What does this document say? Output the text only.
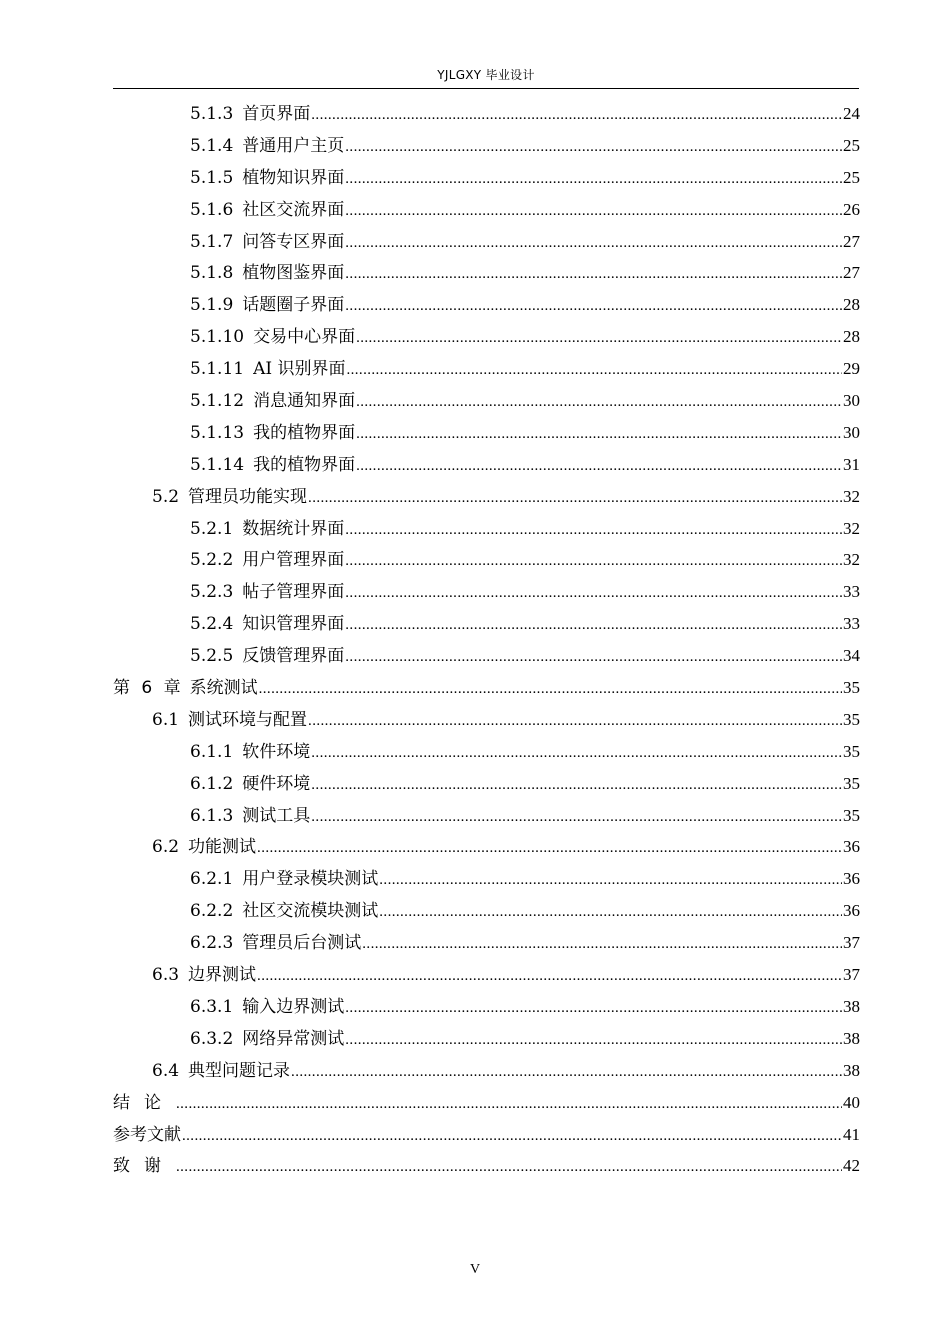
YJLGXY 毕业设计
5.1.3 首页界面 .....	24
5.1.4 普通用户主页 .....	25
5.1.5 植物知识界面 .....	25
5.1.6 社区交流界面 .....	26
5.1.7 问答专区界面 .....	27
5.1.8 植物图鉴界面 .....	27
5.1.9 话题圈子界面 .....	28
5.1.10 交易中心界面 .....	28
5.1.11 AI 识别界面 .....	29
5.1.12 消息通知界面 .....	30
5.1.13 我的植物界面 .....	30
5.1.14 我的植物界面 .....	31
5.2 管理员功能实现 .....	32
5.2.1 数据统计界面 .....	32
5.2.2 用户管理界面 .....	32
5.2.3 帖子管理界面 .....	33
5.2.4 知识管理界面 .....	33
5.2.5 反馈管理界面 .....	34
第 6 章 系统测试 .....	35
6.1 测试环境与配置 .....	35
6.1.1 软件环境 .....	35
6.1.2 硬件环境 .....	35
6.1.3 测试工具 .....	35
6.2 功能测试 .....	36
6.2.1 用户登录模块测试 .....	36
6.2.2 社区交流模块测试 .....	36
6.2.3 管理员后台测试 .....	37
6.3 边界测试 .....	37
6.3.1 输入边界测试 .....	38
6.3.2 网络异常测试 .....	38
6.4 典型问题记录 .....	38
结论 .....	40
参考文献 .....	41
致谢 .....	42
V
